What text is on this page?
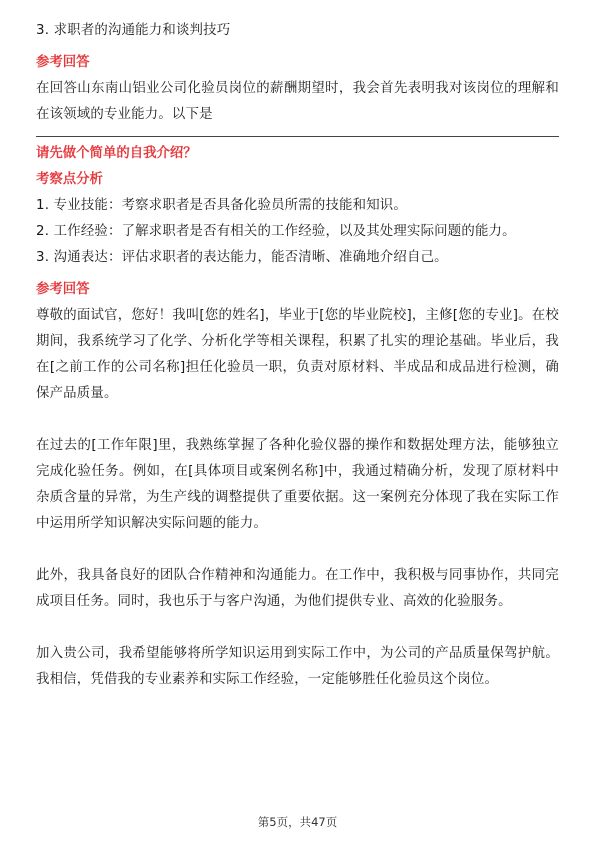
3. 求职者的沟通能力和谈判技巧

参考回答

在回答山东南山铝业公司化验员岗位的薪酬期望时，我会首先表明我对该岗位的理解和在该领域的专业能力。以下是

请先做个简单的自我介绍？

考察点分析

1. 专业技能：考察求职者是否具备化验员所需的技能和知识。

2. 工作经验：了解求职者是否有相关的工作经验，以及其处理实际问题的能力。

3. 沟通表达：评估求职者的表达能力，能否清晰、准确地介绍自己。

参考回答

尊敬的面试官，您好！我叫[您的姓名]，毕业于[您的毕业院校]，主修[您的专业]。在校期间，我系统学习了化学、分析化学等相关课程，积累了扎实的理论基础。毕业后，我在[之前工作的公司名称]担任化验员一职，负责对原材料、半成品和成品进行检测，确保产品质量。

在过去的[工作年限]里，我熟练掌握了各种化验仪器的操作和数据处理方法，能够独立完成化验任务。例如，在[具体项目或案例名称]中，我通过精确分析，发现了原材料中杂质含量的异常，为生产线的调整提供了重要依据。这一案例充分体现了我在实际工作中运用所学知识解决实际问题的能力。

此外，我具备良好的团队合作精神和沟通能力。在工作中，我积极与同事协作，共同完成项目任务。同时，我也乐于与客户沟通，为他们提供专业、高效的化验服务。

加入贵公司，我希望能够将所学知识运用到实际工作中，为公司的产品质量保驾护航。我相信，凭借我的专业素养和实际工作经验，一定能够胜任化验员这个岗位。

第5页，共47页
